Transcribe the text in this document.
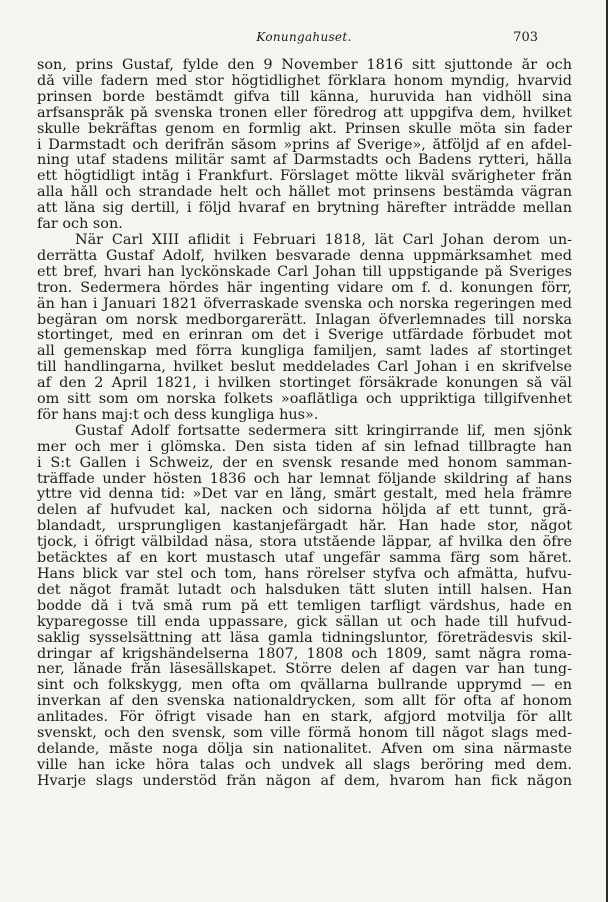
Konungahuset.	703
son, prins Gustaf, fylde den 9 November 1816 sitt sjuttonde år och
då ville fadern med stor högtidlighet förklara honom myndig, hvarvid
prinsen borde bestämdt gifva till känna, huruvida han vidhöll sina
arfsanspråk på svenska tronen eller föredrog att uppgifva dem, hvilket
skulle bekräftas genom en formlig akt. Prinsen skulle möta sin fader
i Darmstadt och derifrån såsom »prins af Sverige», åtföljd af en afdel-
ning utaf stadens militär samt af Darmstadts och Badens rytteri, hålla
ett högtidligt intåg i Frankfurt. Förslaget mötte likväl svårigheter från
alla håll och strandade helt och hållet mot prinsens bestämda vägran
att låna sig dertill, i följd hvaraf en brytning härefter inträdde mellan
far och son.
När Carl XIII aflidit i Februari 1818, lät Carl Johan derom un-
derrätta Gustaf Adolf, hvilken besvarade denna uppmärksamhet med
ett bref, hvari han lyckönskade Carl Johan till uppstigande på Sveriges
tron. Sedermera hördes här ingenting vidare om f. d. konungen förr,
än han i Januari 1821 öfverraskade svenska och norska regeringen med
begäran om norsk medborgarerätt. Inlagan öfverlemnades till norska
stortinget, med en erinran om det i Sverige utfärdade förbudet mot
all gemenskap med förra kungliga familjen, samt lades af stortinget
till handlingarna, hvilket beslut meddelades Carl Johan i en skrifvelse
af den 2 April 1821, i hvilken stortinget försäkrade konungen så väl
om sitt som om norska folkets »oaflåtliga och uppriktiga tillgifvenhet
för hans maj:t och dess kungliga hus».
Gustaf Adolf fortsatte sedermera sitt kringirrande lif, men sjönk
mer och mer i glömska. Den sista tiden af sin lefnad tillbragte han
i S:t Gallen i Schweiz, der en svensk resande med honom samman-
träffade under hösten 1836 och har lemnat följande skildring af hans
yttre vid denna tid: »Det var en lång, smärt gestalt, med hela främre
delen af hufvudet kal, nacken och sidorna höljda af ett tunnt, grå-
blandadt, ursprungligen kastanjefärgadt hår. Han hade stor, något
tjock, i öfrigt välbildad näsa, stora utstående läppar, af hvilka den öfre
betäcktes af en kort mustasch utaf ungefär samma färg som håret.
Hans blick var stel och tom, hans rörelser styfva och afmätta, hufvu-
det något framåt lutadt och halsduken tätt sluten intill halsen. Han
bodde då i två små rum på ett temligen tarfligt värdshus, hade en
kyparegosse till enda uppassare, gick sällan ut och hade till hufvud-
saklig sysselsättning att läsa gamla tidningsluntor, företrädesvis skil-
dringar af krigshändelserna 1807, 1808 och 1809, samt några roma-
ner, lånade från läsesällskapet. Större delen af dagen var han tung-
sint och folkskygg, men ofta om qvällarna bullrande upprymd — en
inverkan af den svenska nationaldrycken, som allt för ofta af honom
anlitades. För öfrigt visade han en stark, afgjord motvilja för allt
svenskt, och den svensk, som ville förmå honom till något slags med-
delande, måste noga dölja sin nationalitet. Äfven om sina närmaste
ville han icke höra talas och undvek all slags beröring med dem.
Hvarje slags understöd från någon af dem, hvarom han fick någon
